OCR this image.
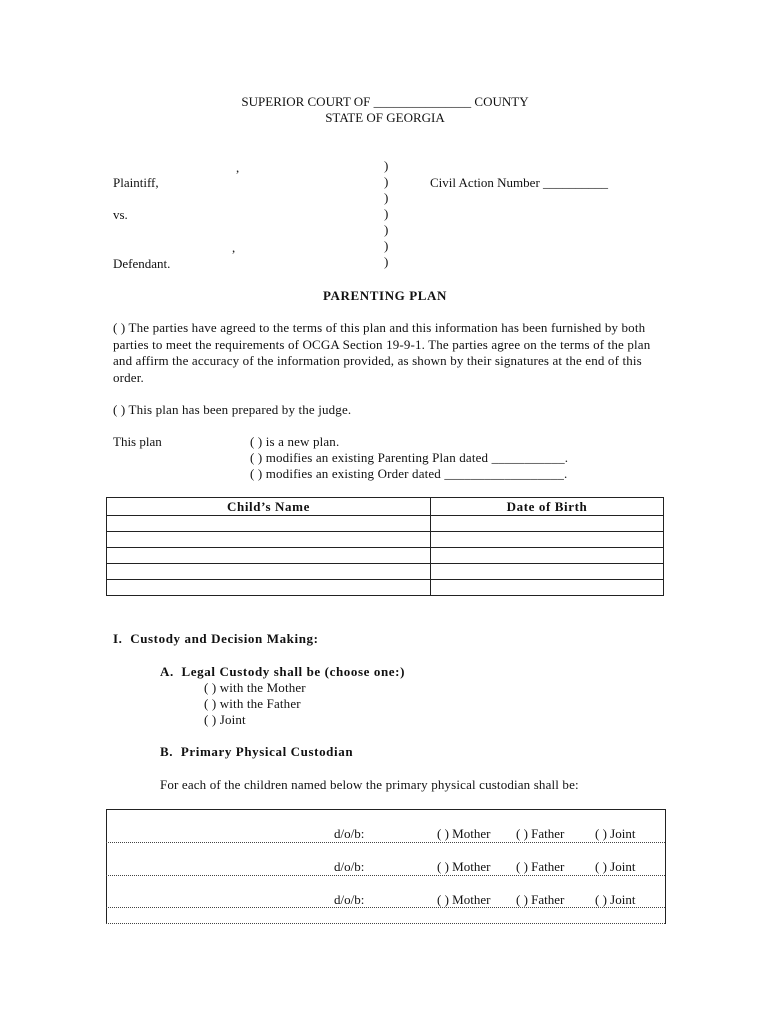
SUPERIOR COURT OF _______________ COUNTY
STATE OF GEORGIA
,
Plaintiff,
vs.
,
Defendant.
)
)
)
)
)
)
)
Civil Action Number __________
PARENTING PLAN
( ) The parties have agreed to the terms of this plan and this information has been furnished by both parties to meet the requirements of OCGA Section 19-9-1. The parties agree on the terms of the plan and affirm the accuracy of the information provided, as shown by their signatures at the end of this order.
( ) This plan has been prepared by the judge.
This plan	( ) is a new plan.
( ) modifies an existing Parenting Plan dated ___________.
( ) modifies an existing Order dated __________________.
Child’s Name	Date of Birth

I.  Custody and Decision Making:
A.  Legal Custody shall be (choose one:)
( ) with the Mother
( ) with the Father
( ) Joint
B.  Primary Physical Custodian
For each of the children named below the primary physical custodian shall be:
d/o/b:	( ) Mother ( ) Father ( ) Joint
d/o/b:	( ) Mother ( ) Father ( ) Joint
d/o/b:	( ) Mother ( ) Father ( ) Joint
